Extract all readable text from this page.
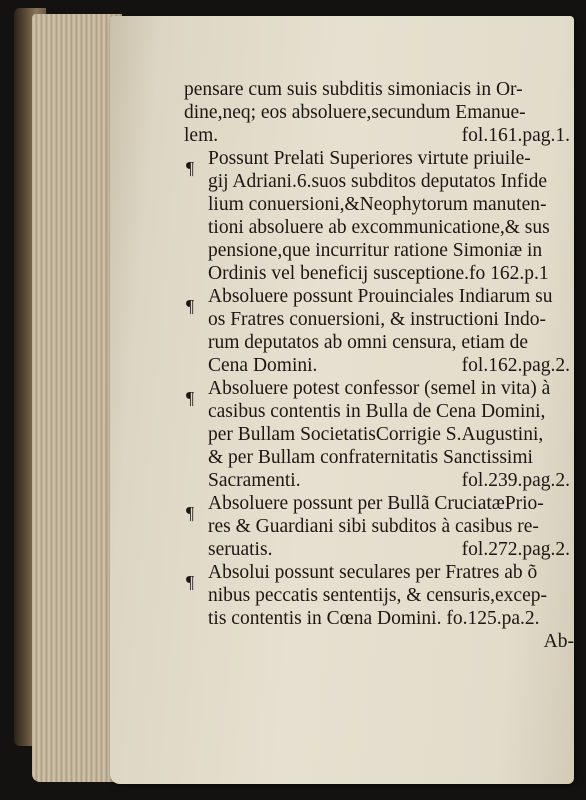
pensare cum suis subditis simoniacis in Or-
dine,neq; eos absoluere,secundum Emanue-
lem.	fol.161.pag.1.
¶ Possunt Prelati Superiores virtute priuile-
gij Adriani.6.suos subditos deputatos Infide
lium conuersioni,&Neophytorum manuten-
tioni absoluere ab excommunicatione,& sus
pensione,que incurritur ratione Simoniæ in
Ordinis vel beneficij susceptione.fo 162.p.1
¶ Absoluere possunt Prouinciales Indiarum su
os Fratres conuersioni, & instructioni Indo-
rum deputatos ab omni censura, etiam de
Cena Domini.	fol.162.pag.2.
¶ Absoluere potest confessor (semel in vita) à
casibus contentis in Bulla de Cena Domini,
per Bullam SocietatisCorrigie S.Augustini,
& per Bullam confraternitatis Sanctissimi
Sacramenti.	fol.239.pag.2.
¶ Absoluere possunt per Bullã CruciatæPrio-
res & Guardiani sibi subditos à casibus re-
seruatis.	fol.272.pag.2.
¶ Absolui possunt seculares per Fratres ab õ
nibus peccatis sententijs, & censuris,excep-
tis contentis in Cœna Domini. fo.125.pa.2.
Ab-
